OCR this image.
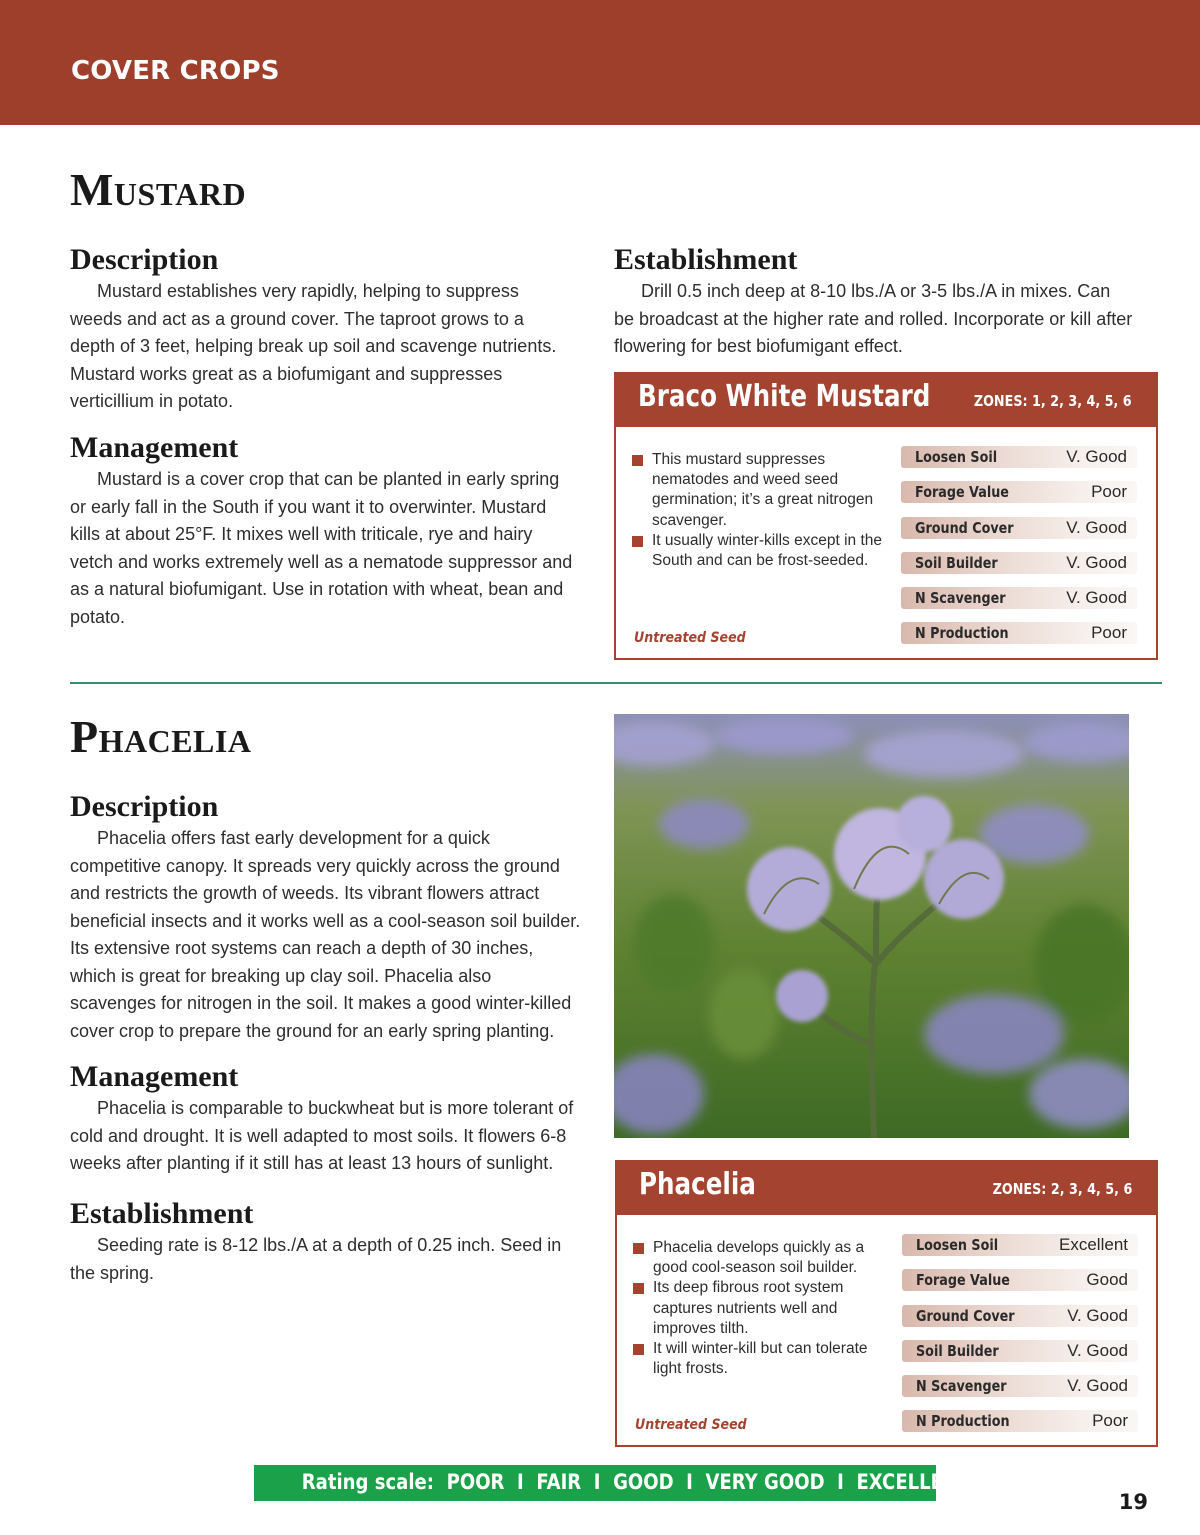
COVER CROPS
Mustard
Description

Mustard establishes very rapidly, helping to suppress weeds and act as a ground cover. The taproot grows to a depth of 3 feet, helping break up soil and scavenge nutrients. Mustard works great as a biofumigant and suppresses verticillium in potato.

Management

Mustard is a cover crop that can be planted in early spring or early fall in the South if you want it to overwinter. Mustard kills at about 25°F. It mixes well with triticale, rye and hairy vetch and works extremely well as a nematode suppressor and as a natural biofumigant. Use in rotation with wheat, bean and potato.

Establishment

Drill 0.5 inch deep at 8-10 lbs./A or 3-5 lbs./A in mixes. Can be broadcast at the higher rate and rolled. Incorporate or kill after flowering for best biofumigant effect.

Braco White Mustard	ZONES: 1, 2, 3, 4, 5, 6
This mustard suppresses nematodes and weed seed germination; it’s a great nitrogen scavenger.
It usually winter-kills except in the South and can be frost-seeded.
Untreated Seed
Loosen Soil	V. Good
Forage Value	Poor
Ground Cover	V. Good
Soil Builder	V. Good
N Scavenger	V. Good
N Production	Poor
Phacelia
Description

Phacelia offers fast early development for a quick competitive canopy. It spreads very quickly across the ground and restricts the growth of weeds. Its vibrant flowers attract beneficial insects and it works well as a cool-season soil builder. Its extensive root systems can reach a depth of 30 inches, which is great for breaking up clay soil. Phacelia also scavenges for nitrogen in the soil. It makes a good winter-killed cover crop to prepare the ground for an early spring planting.

Management

Phacelia is comparable to buckwheat but is more tolerant of cold and drought. It is well adapted to most soils. It flowers 6-8 weeks after planting if it still has at least 13 hours of sunlight.

Establishment

Seeding rate is 8-12 lbs./A at a depth of 0.25 inch. Seed in the spring.

Phacelia	ZONES: 2, 3, 4, 5, 6
Phacelia develops quickly as a good cool-season soil builder.
Its deep fibrous root system captures nutrients well and improves tilth.
It will winter-kill but can tolerate light frosts.
Untreated Seed
Loosen Soil	Excellent
Forage Value	Good
Ground Cover	V. Good
Soil Builder	V. Good
N Scavenger	V. Good
N Production	Poor
Rating scale:  POOR  I  FAIR  I  GOOD  I  VERY GOOD  I  EXCELLENT
19
